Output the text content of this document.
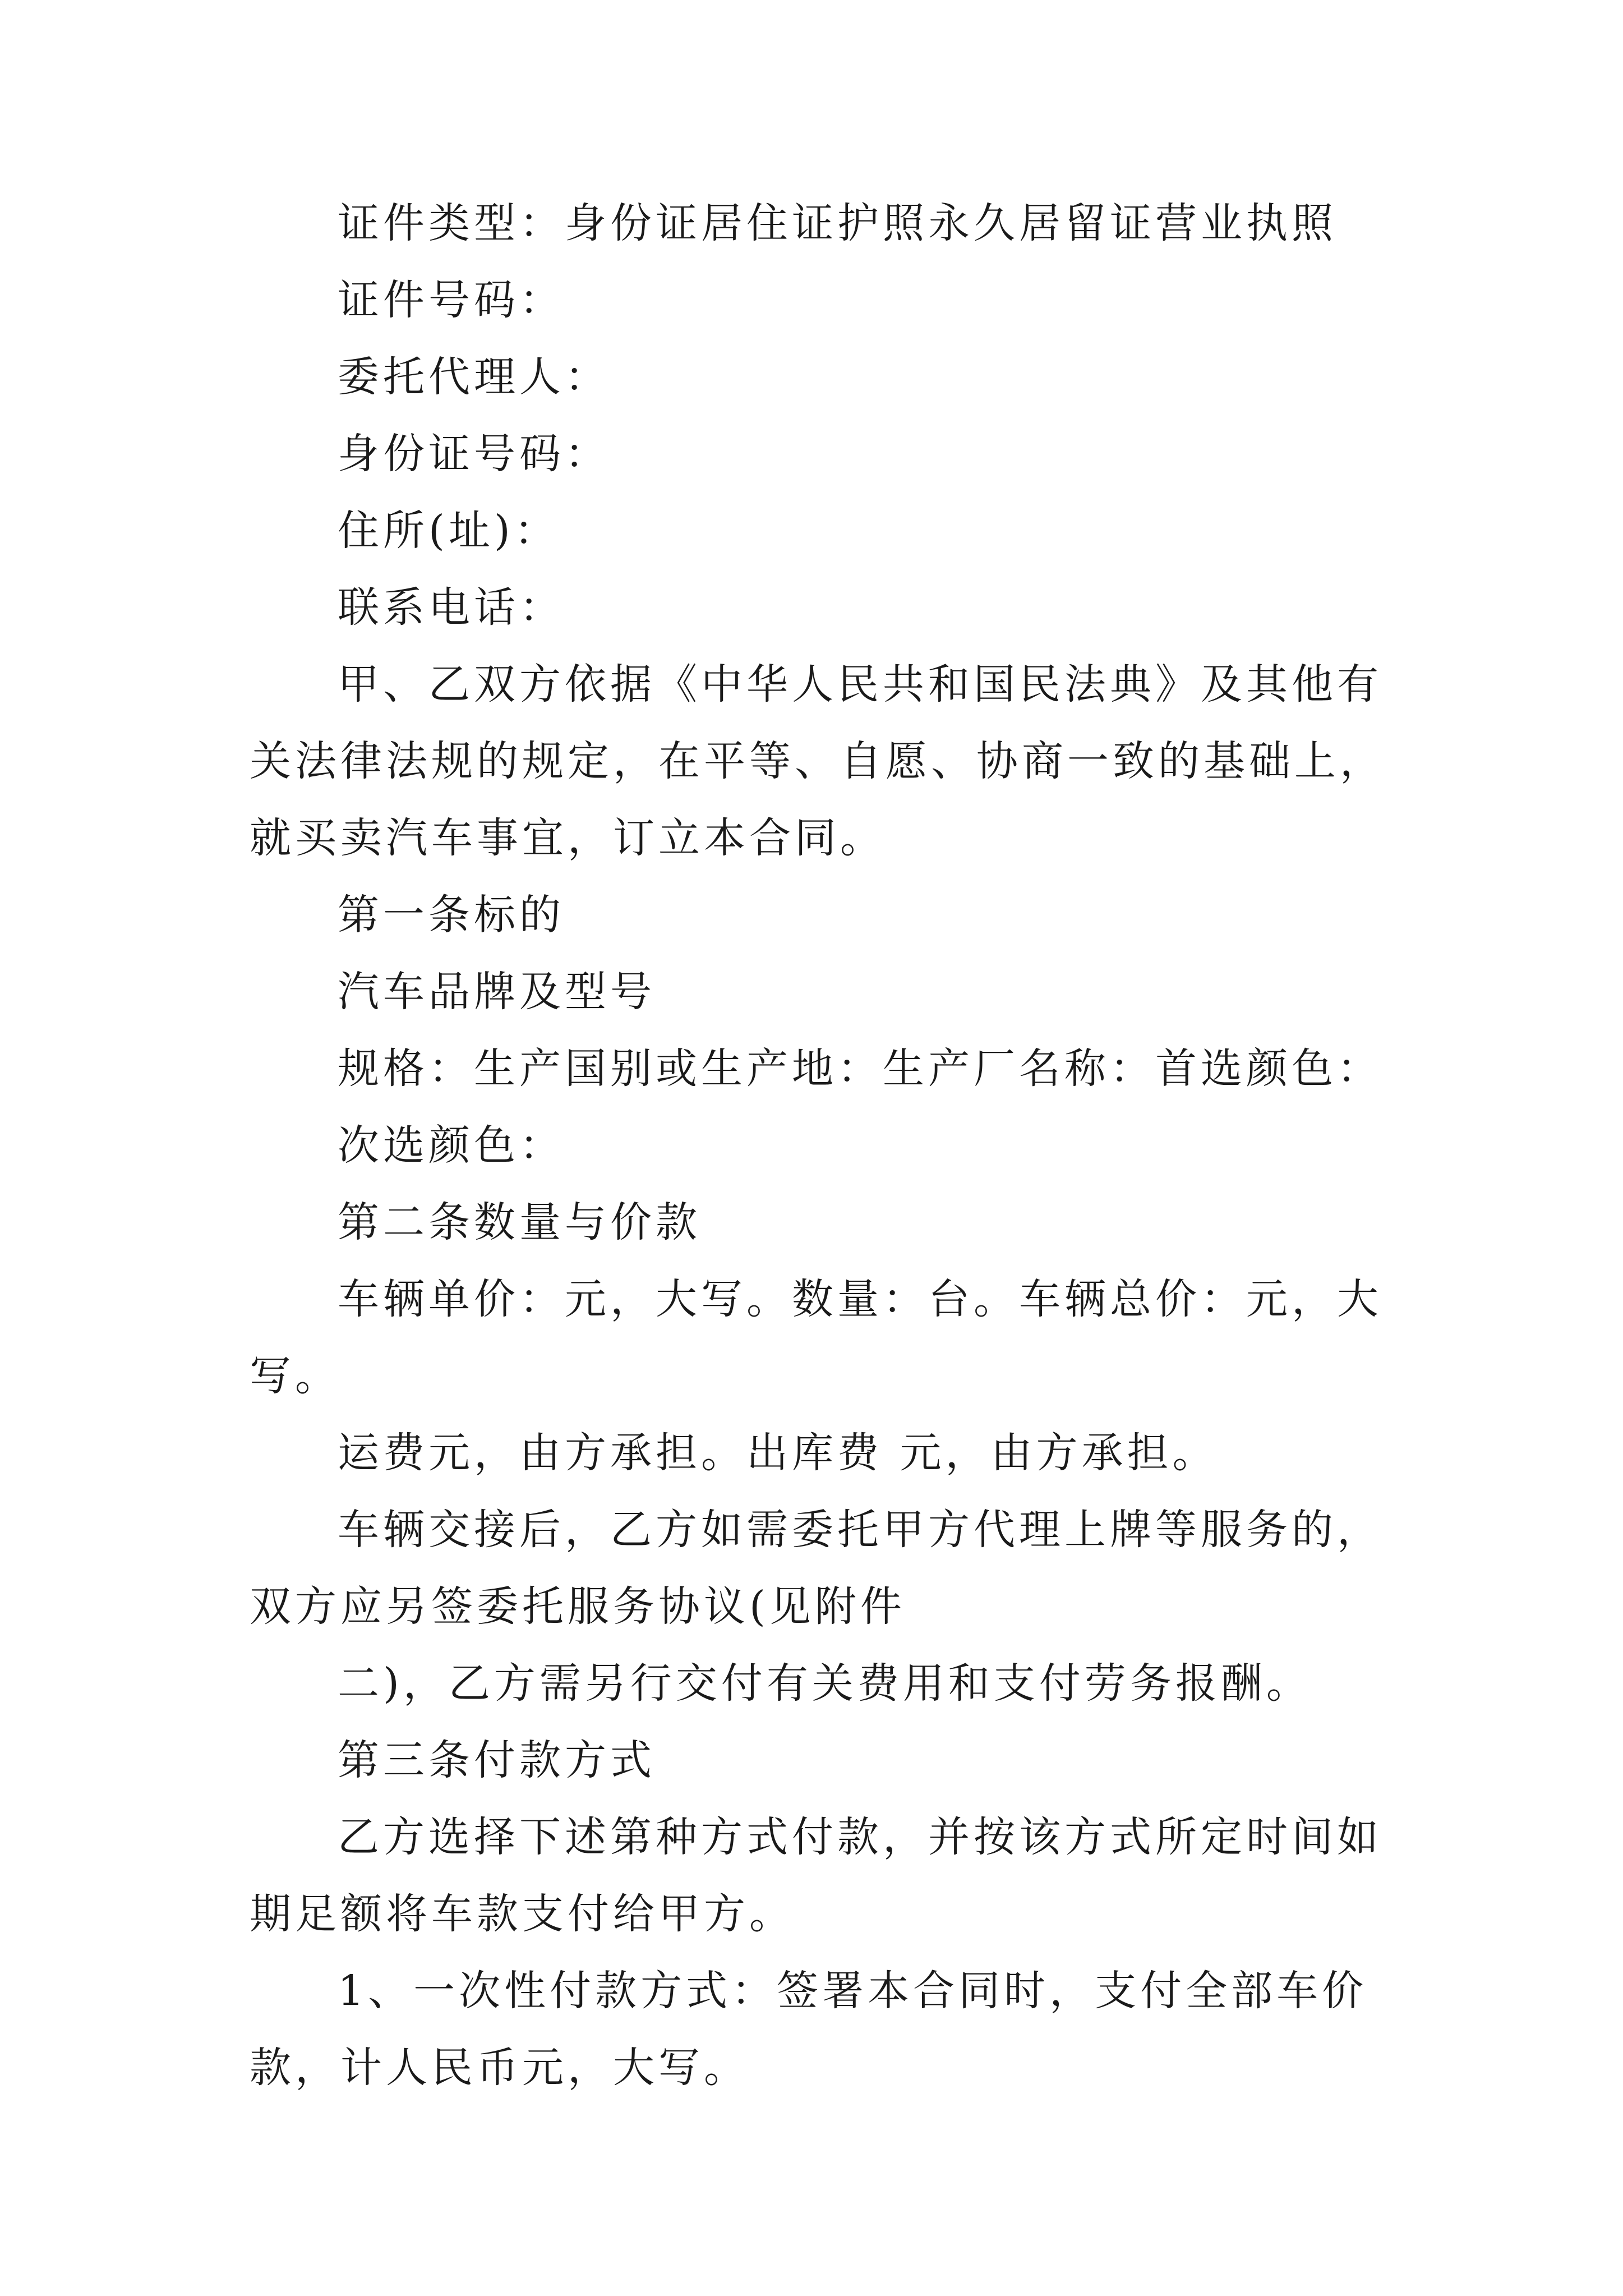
证件类型：身份证居住证护照永久居留证营业执照

证件号码：

委托代理人：

身份证号码：

住所(址)：

联系电话：

甲、乙双方依据《中华人民共和国民法典》及其他有关法律法规的规定，在平等、自愿、协商一致的基础上，就买卖汽车事宜，订立本合同。

第一条标的

汽车品牌及型号

规格：生产国别或生产地：生产厂名称：首选颜色：

次选颜色：

第二条数量与价款

车辆单价：元，大写。数量：台。车辆总价：元，大写。

运费元，由方承担。出库费 元，由方承担。

车辆交接后，乙方如需委托甲方代理上牌等服务的，双方应另签委托服务协议(见附件

二)，乙方需另行交付有关费用和支付劳务报酬。

第三条付款方式

乙方选择下述第种方式付款，并按该方式所定时间如期足额将车款支付给甲方。

1、一次性付款方式：签署本合同时，支付全部车价款，计人民币元，大写。
